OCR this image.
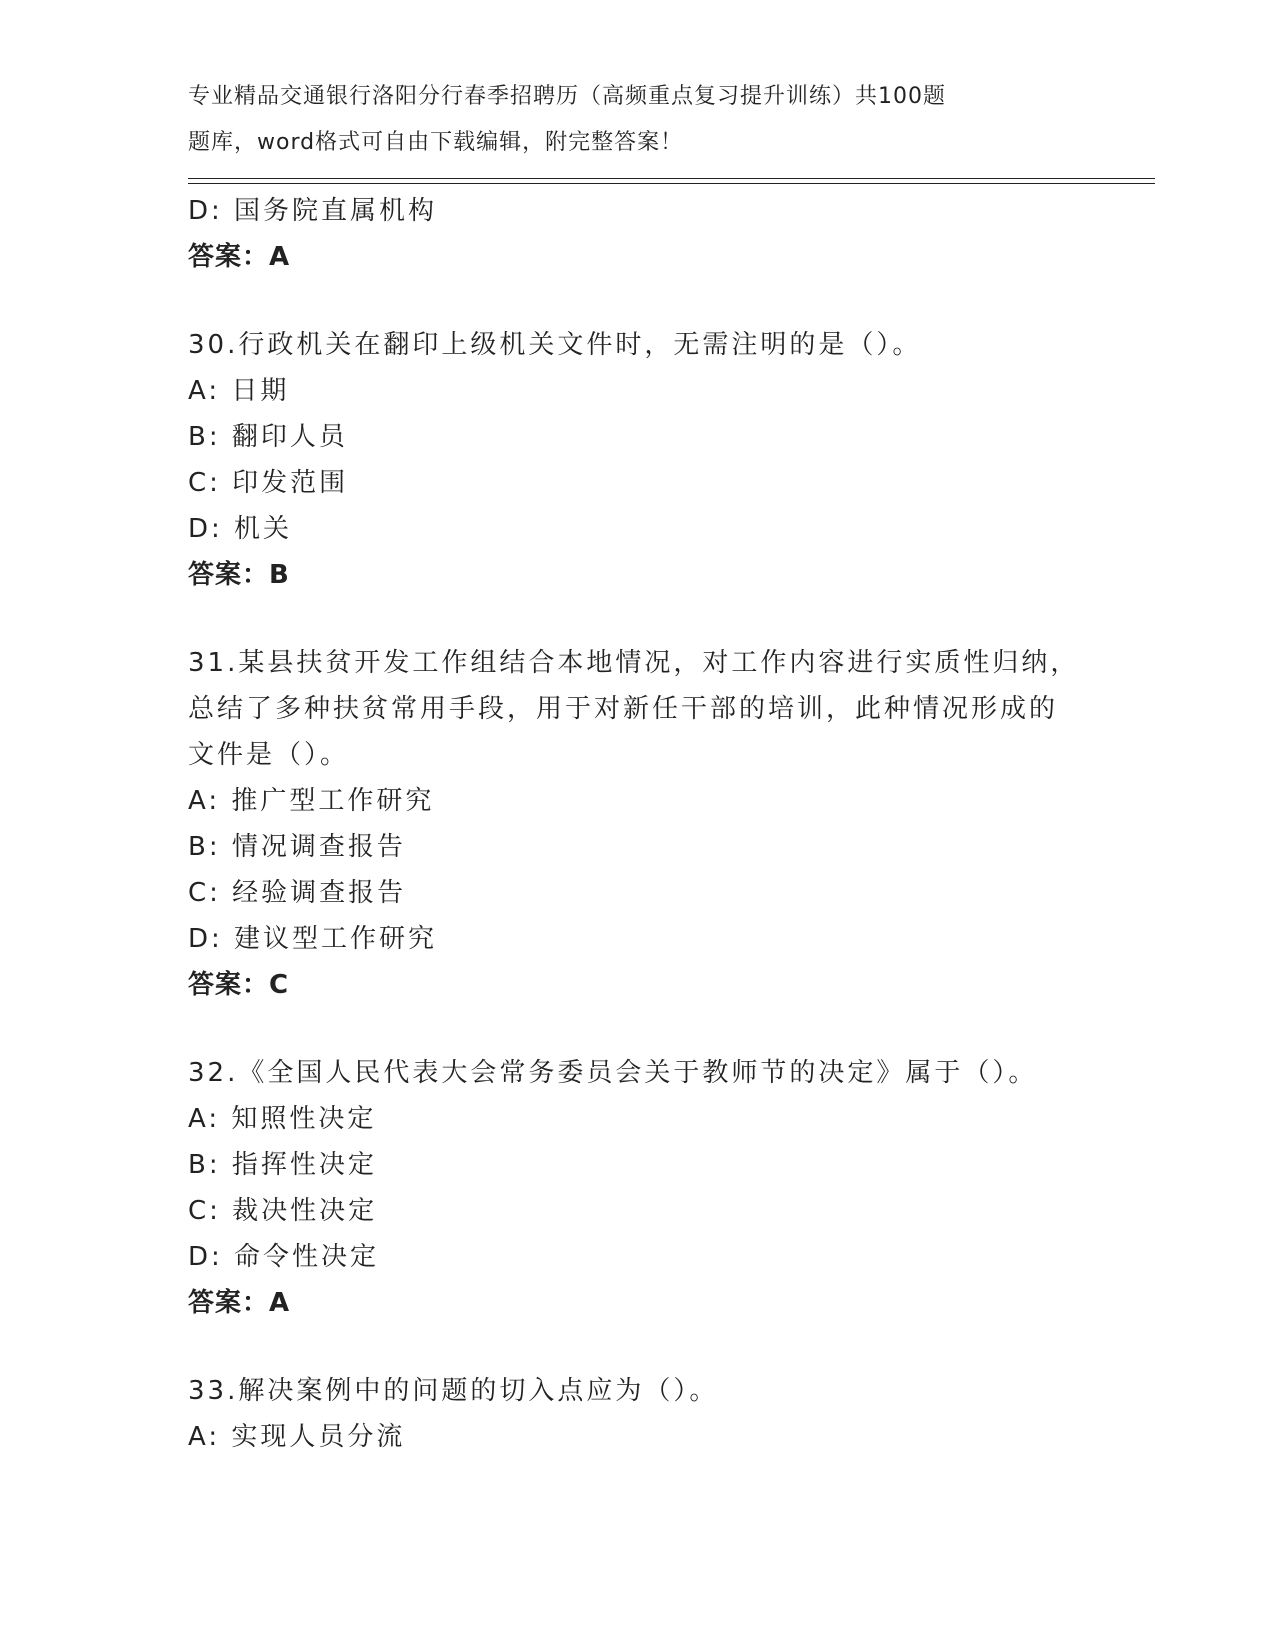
专业精品交通银行洛阳分行春季招聘历（高频重点复习提升训练）共100题
题库，word格式可自由下载编辑，附完整答案！
D: 国务院直属机构
答案：A
30.行政机关在翻印上级机关文件时，无需注明的是（）。
A: 日期
B: 翻印人员
C: 印发范围
D: 机关
答案：B
31.某县扶贫开发工作组结合本地情况，对工作内容进行实质性归纳，
总结了多种扶贫常用手段，用于对新任干部的培训，此种情况形成的
文件是（）。
A: 推广型工作研究
B: 情况调查报告
C: 经验调查报告
D: 建议型工作研究
答案：C
32.《全国人民代表大会常务委员会关于教师节的决定》属于（）。
A: 知照性决定
B: 指挥性决定
C: 裁决性决定
D: 命令性决定
答案：A
33.解决案例中的问题的切入点应为（）。
A: 实现人员分流
